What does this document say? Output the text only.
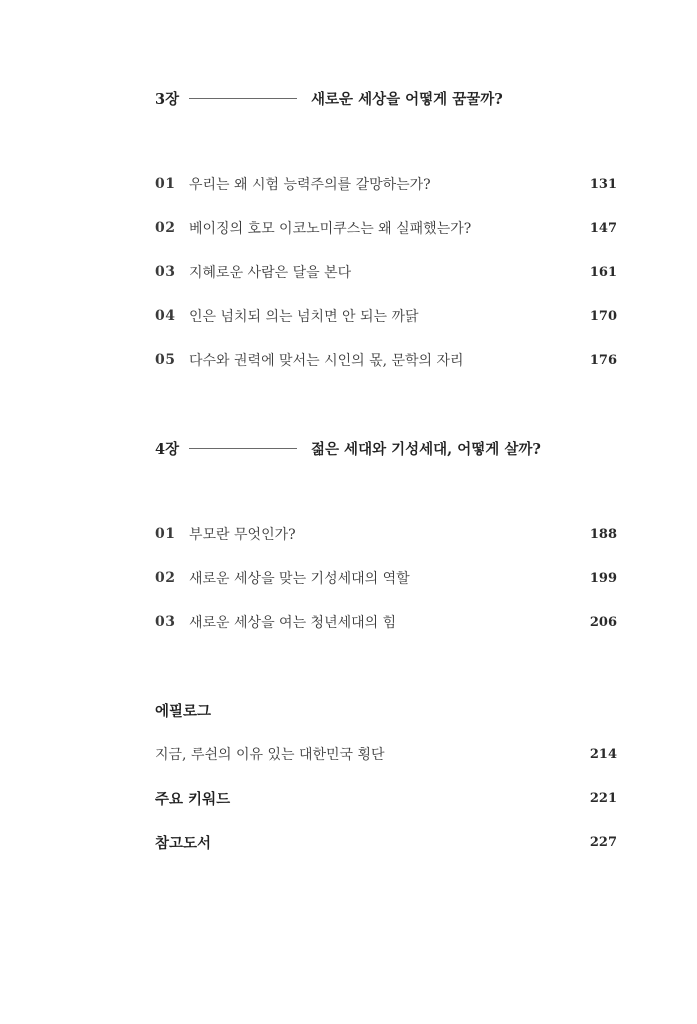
3장	새로운 세상을 어떻게 꿈꿀까?
01 우리는 왜 시험 능력주의를 갈망하는가?	131
02 베이징의 호모 이코노미쿠스는 왜 실패했는가?	147
03 지혜로운 사람은 달을 본다	161
04 인은 넘치되 의는 넘치면 안 되는 까닭	170
05 다수와 권력에 맞서는 시인의 몫, 문학의 자리	176
4장	젊은 세대와 기성세대, 어떻게 살까?
01 부모란 무엇인가?	188
02 새로운 세상을 맞는 기성세대의 역할	199
03 새로운 세상을 여는 청년세대의 힘	206
에필로그
지금, 루쉰의 이유 있는 대한민국 횡단	214
주요 키워드	221
참고도서	227
